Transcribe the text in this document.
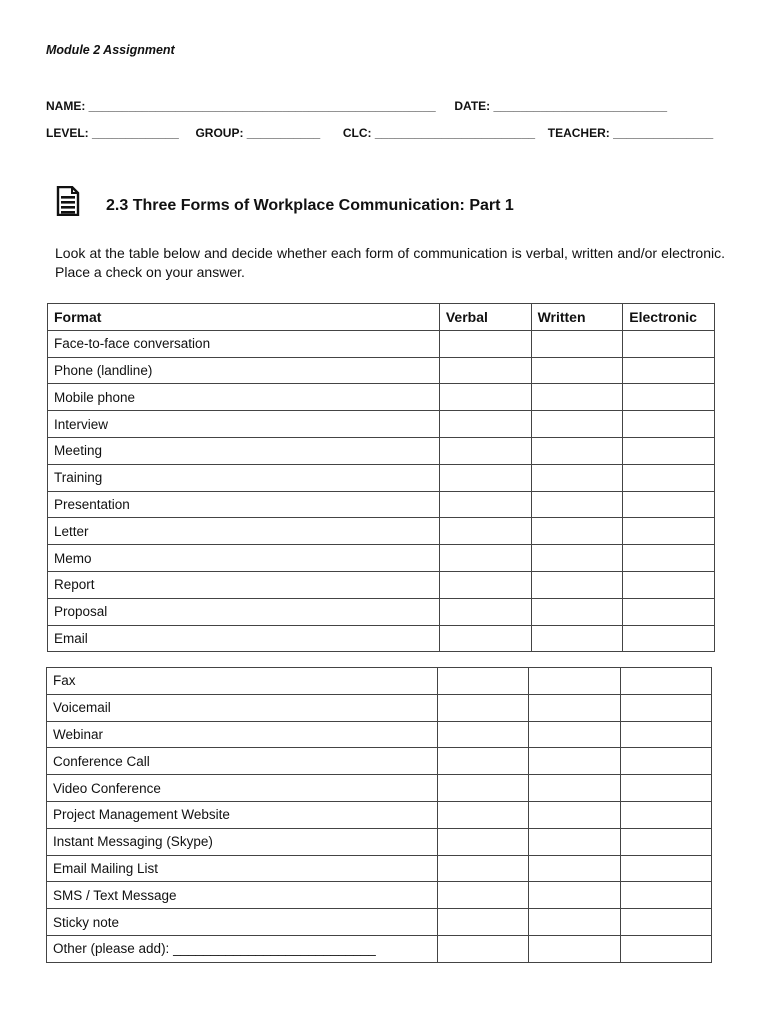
Module 2 Assignment
NAME: ____________________________________________________ DATE: __________________________
LEVEL: _____________ GROUP: ___________ CLC: ________________________ TEACHER: _______________
2.3 Three Forms of Workplace Communication: Part 1
Look at the table below and decide whether each form of communication is verbal, written and/or electronic. Place a check on your answer.
Format	Verbal	Written	Electronic
Face-to-face conversation			
Phone (landline)			
Mobile phone			
Interview			
Meeting			
Training			
Presentation			
Letter			
Memo			
Report			
Proposal			
Email			
Fax			
Voicemail			
Webinar			
Conference Call			
Video Conference			
Project Management Website			
Instant Messaging (Skype)			
Email Mailing List			
SMS / Text Message			
Sticky note			
Other (please add): ___________________________			
